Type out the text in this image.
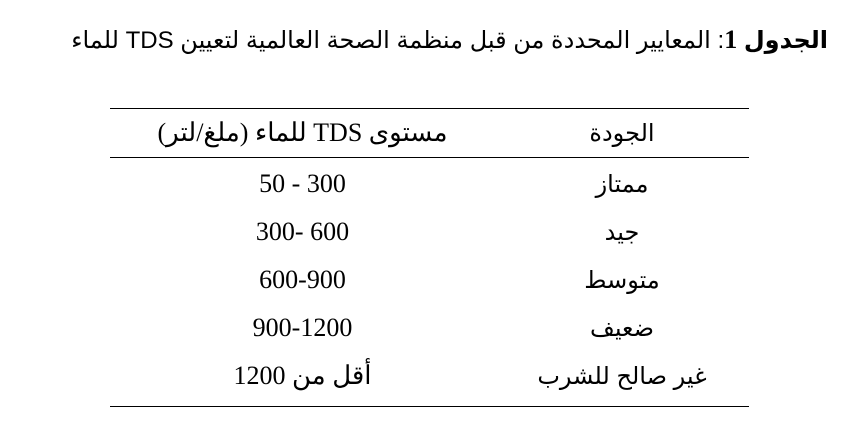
الجدول 1: المعايير المحددة من قبل منظمة الصحة العالمية لتعيين TDS للماء
الجودة
مستوى TDS للماء (ملغ/لتر)
ممتاز
50 - 300
جيد
300- 600
متوسط
600-900
ضعيف
900-1200
غير صالح للشرب
أقل من 1200
